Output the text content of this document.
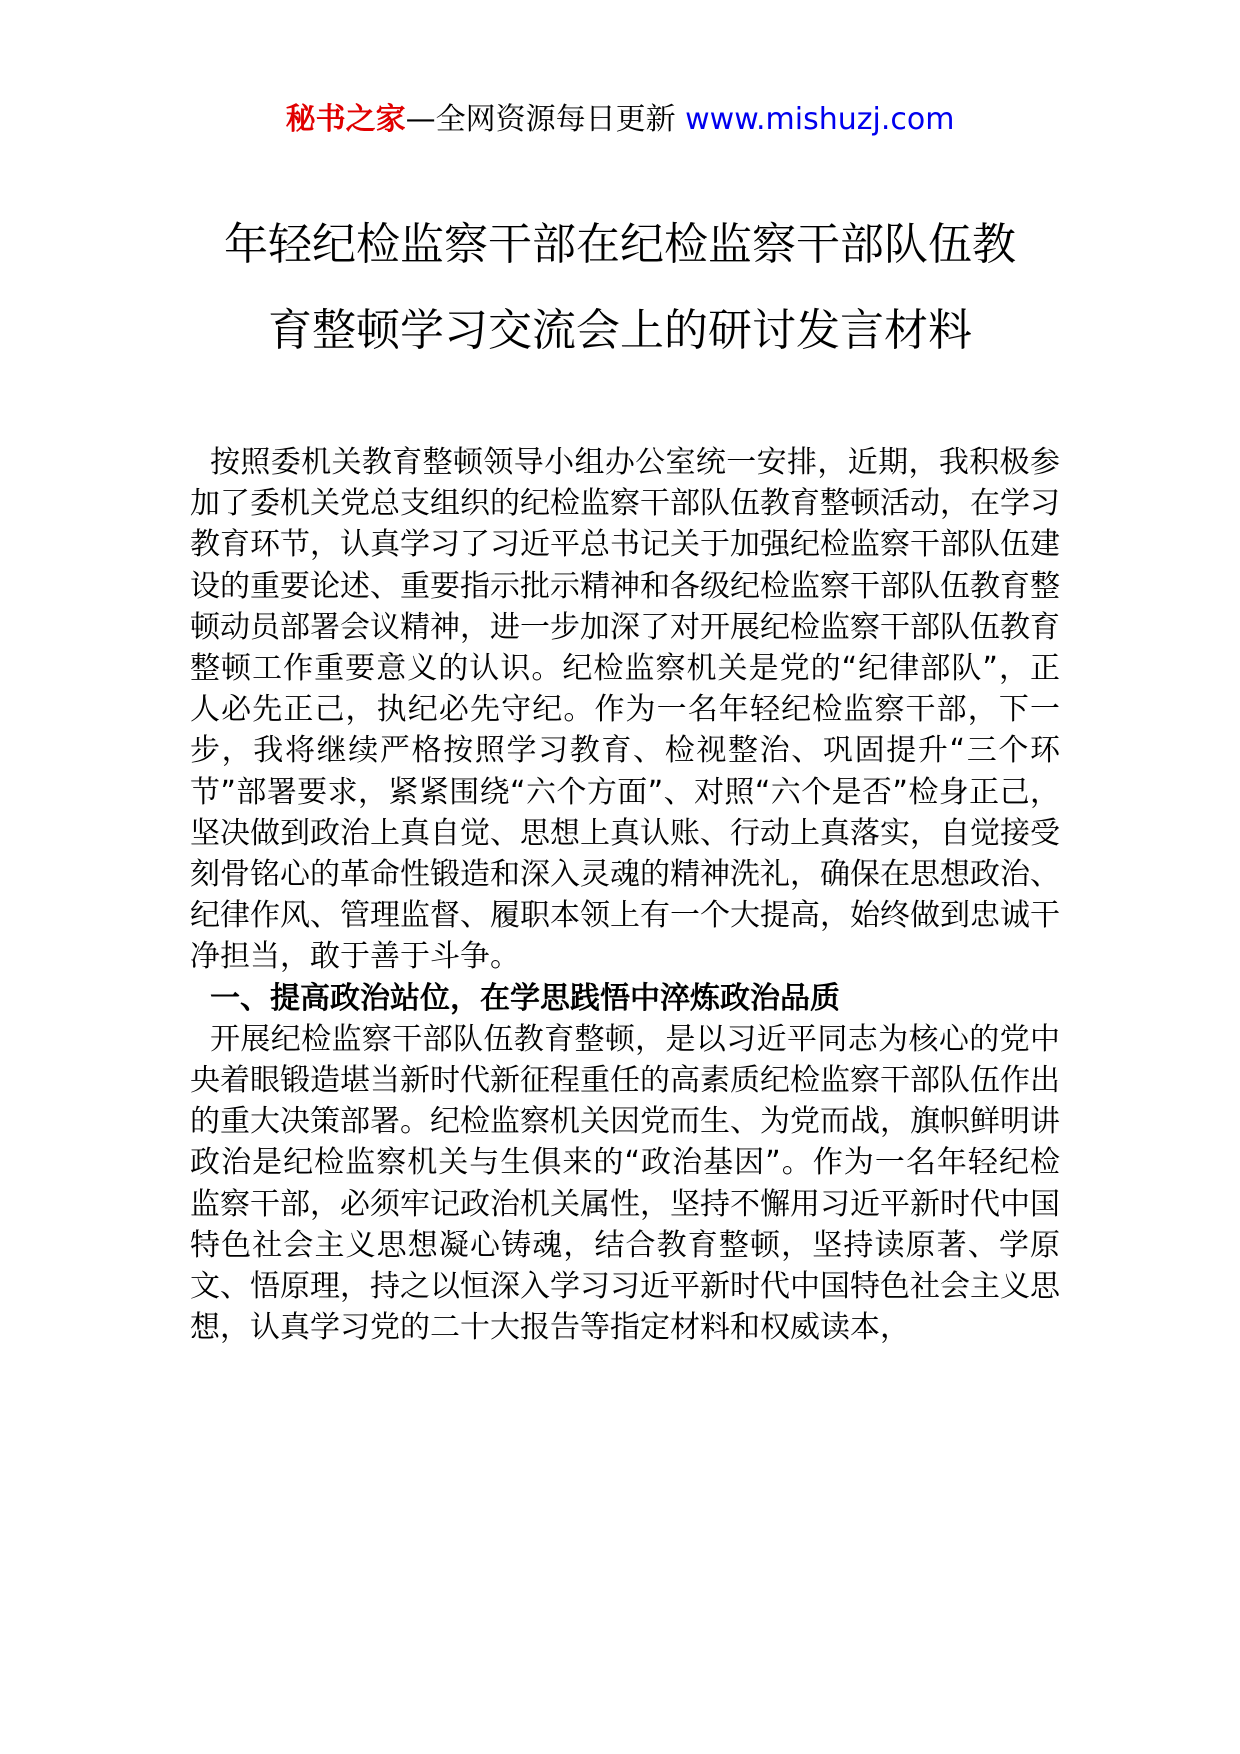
秘书之家—全网资源每日更新 www.mishuzj.com
年轻纪检监察干部在纪检监察干部队伍教
育整顿学习交流会上的研讨发言材料

按照委机关教育整顿领导小组办公室统一安排，近期，我积极参加了委机关党总支组织的纪检监察干部队伍教育整顿活动，在学习教育环节，认真学习了习近平总书记关于加强纪检监察干部队伍建设的重要论述、重要指示批示精神和各级纪检监察干部队伍教育整顿动员部署会议精神，进一步加深了对开展纪检监察干部队伍教育整顿工作重要意义的认识。纪检监察机关是党的“纪律部队”，正人必先正己，执纪必先守纪。作为一名年轻纪检监察干部，下一步，我将继续严格按照学习教育、检视整治、巩固提升“三个环节”部署要求，紧紧围绕“六个方面”、对照“六个是否”检身正己，坚决做到政治上真自觉、思想上真认账、行动上真落实，自觉接受刻骨铭心的革命性锻造和深入灵魂的精神洗礼，确保在思想政治、纪律作风、管理监督、履职本领上有一个大提高，始终做到忠诚干净担当，敢于善于斗争。

一、提高政治站位，在学思践悟中淬炼政治品质

开展纪检监察干部队伍教育整顿，是以习近平同志为核心的党中央着眼锻造堪当新时代新征程重任的高素质纪检监察干部队伍作出的重大决策部署。纪检监察机关因党而生、为党而战，旗帜鲜明讲政治是纪检监察机关与生俱来的“政治基因”。作为一名年轻纪检监察干部，必须牢记政治机关属性，坚持不懈用习近平新时代中国特色社会主义思想凝心铸魂，结合教育整顿，坚持读原著、学原文、悟原理，持之以恒深入学习习近平新时代中国特色社会主义思想，认真学习党的二十大报告等指定材料和权威读本，
